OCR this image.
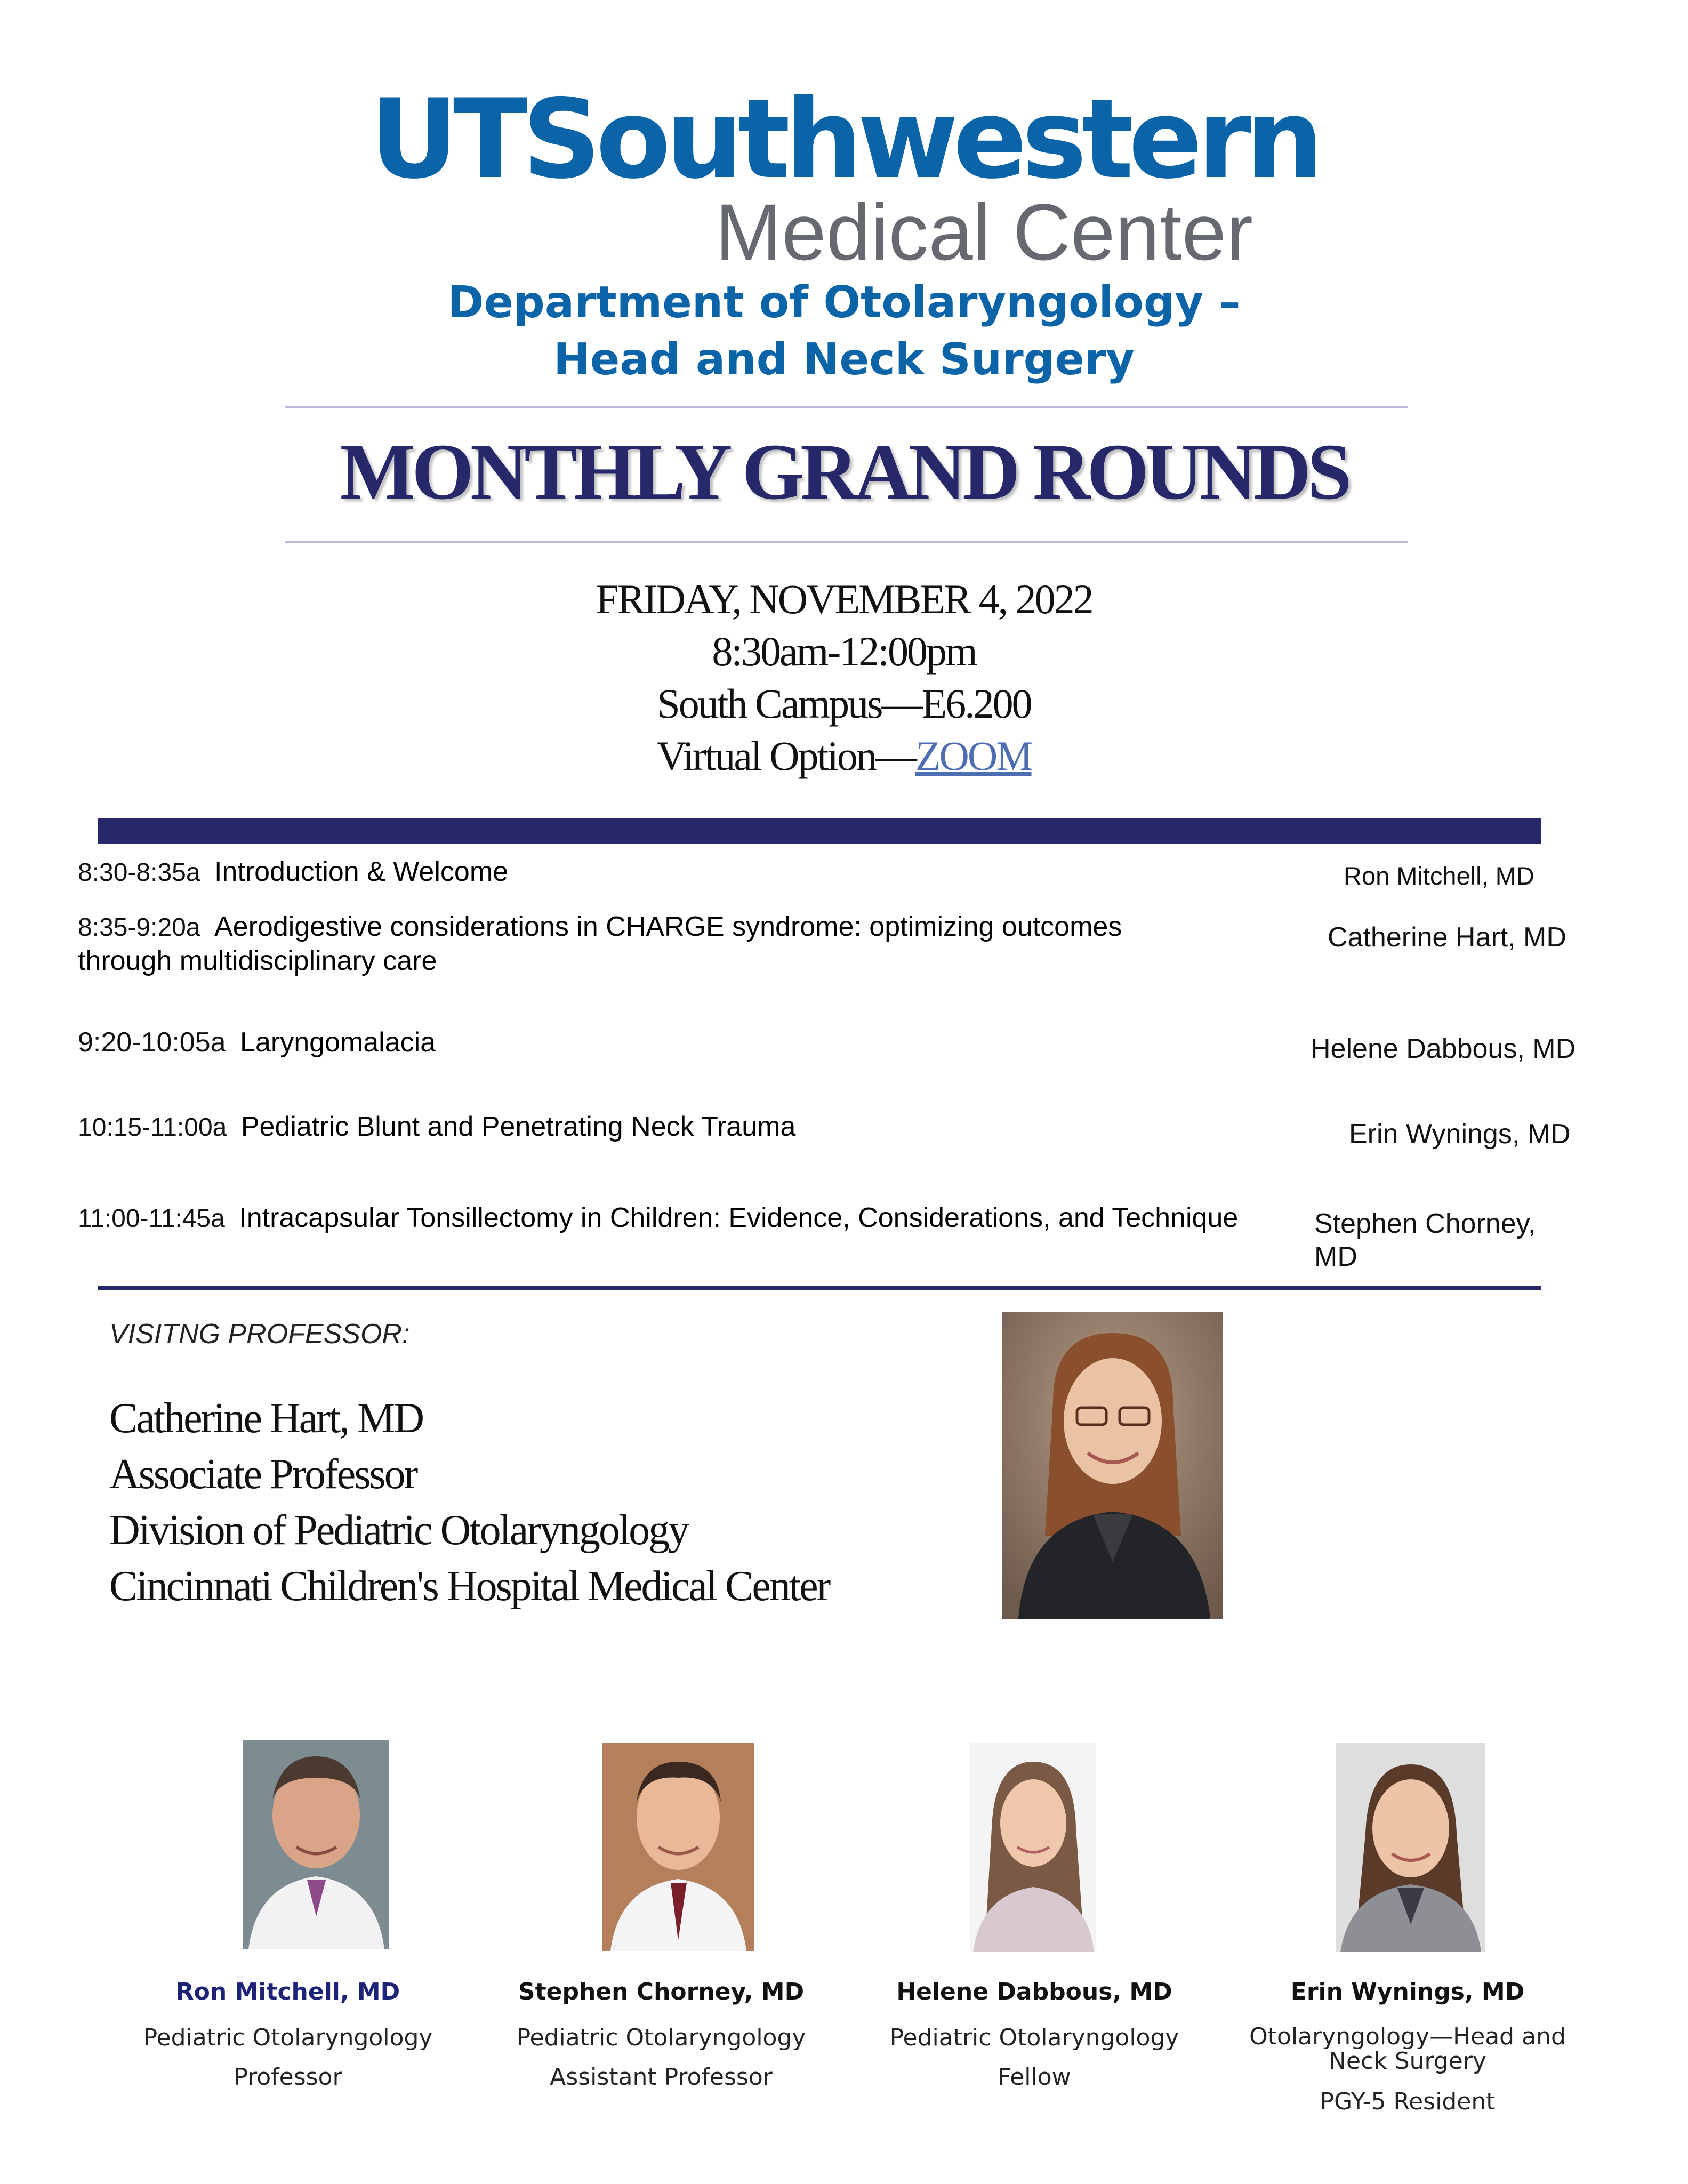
UTSouthwestern
Medical Center
Department of Otolaryngology –
Head and Neck Surgery
MONTHLY GRAND ROUNDS
FRIDAY, NOVEMBER 4, 2022
8:30am-12:00pm
South Campus—E6.200
Virtual Option—ZOOM
8:30-8:35a Introduction & Welcome	Ron Mitchell, MD
8:35-9:20a Aerodigestive considerations in CHARGE syndrome: optimizing outcomes
through multidisciplinary care
Catherine Hart, MD
9:20-10:05a Laryngomalacia	Helene Dabbous, MD
10:15-11:00a Pediatric Blunt and Penetrating Neck Trauma	Erin Wynings, MD
11:00-11:45a Intracapsular Tonsillectomy in Children: Evidence, Considerations, and Technique	Stephen Chorney,
MD
VISITNG PROFESSOR:
Catherine Hart, MD
Associate Professor
Division of Pediatric Otolaryngology
Cincinnati Children's Hospital Medical Center
Ron Mitchell, MD
Pediatric Otolaryngology
Professor
Stephen Chorney, MD
Pediatric Otolaryngology
Assistant Professor
Helene Dabbous, MD
Pediatric Otolaryngology
Fellow
Erin Wynings, MD
Otolaryngology—Head and
Neck Surgery
PGY-5 Resident
